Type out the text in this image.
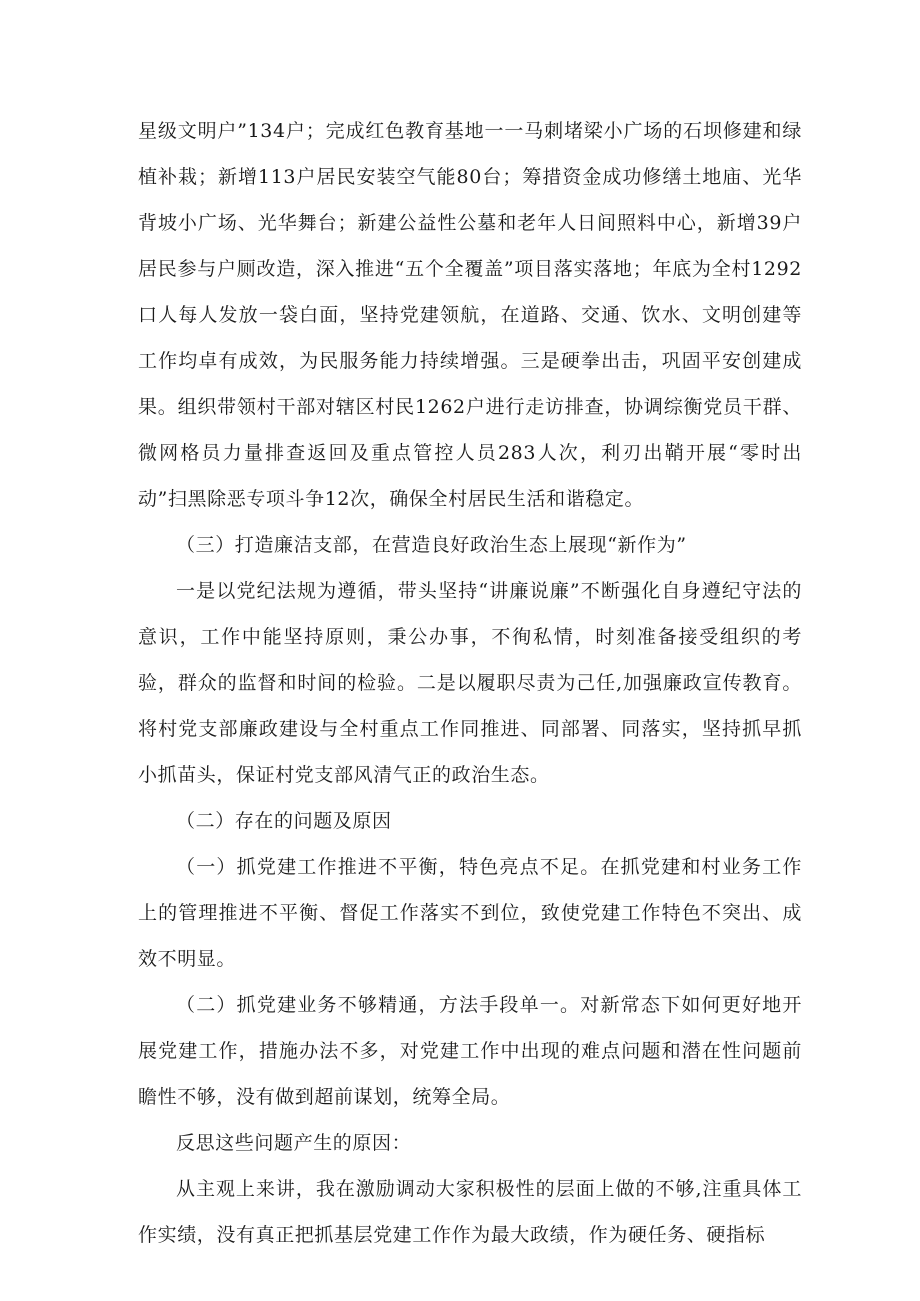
星级文明户”134户；完成红色教育基地一一马刺堵梁小广场的石坝修建和绿植补栽；新增113户居民安装空气能80台；筹措资金成功修缮土地庙、光华背坡小广场、光华舞台；新建公益性公墓和老年人日间照料中心，新增39户居民参与户厕改造，深入推进“五个全覆盖”项目落实落地；年底为全村1292口人每人发放一袋白面，坚持党建领航，在道路、交通、饮水、文明创建等工作均卓有成效，为民服务能力持续增强。三是硬拳出击，巩固平安创建成果。组织带领村干部对辖区村民1262户进行走访排查，协调综衡党员干群、微网格员力量排查返回及重点管控人员283人次，利刃出鞘开展“零时出动”扫黑除恶专项斗争12次，确保全村居民生活和谐稳定。

（三）打造廉洁支部，在营造良好政治生态上展现“新作为”

一是以党纪法规为遵循，带头坚持“讲廉说廉”不断强化自身遵纪守法的意识，工作中能坚持原则，秉公办事，不徇私情，时刻准备接受组织的考验，群众的监督和时间的检验。二是以履职尽责为己任,加强廉政宣传教育。将村党支部廉政建设与全村重点工作同推进、同部署、同落实，坚持抓早抓小抓苗头，保证村党支部风清气正的政治生态。

（二）存在的问题及原因

（一）抓党建工作推进不平衡，特色亮点不足。在抓党建和村业务工作上的管理推进不平衡、督促工作落实不到位，致使党建工作特色不突出、成效不明显。

（二）抓党建业务不够精通，方法手段单一。对新常态下如何更好地开展党建工作，措施办法不多，对党建工作中出现的难点问题和潜在性问题前瞻性不够，没有做到超前谋划，统筹全局。

反思这些问题产生的原因：

从主观上来讲，我在激励调动大家积极性的层面上做的不够,注重具体工作实绩，没有真正把抓基层党建工作作为最大政绩，作为硬任务、硬指标
